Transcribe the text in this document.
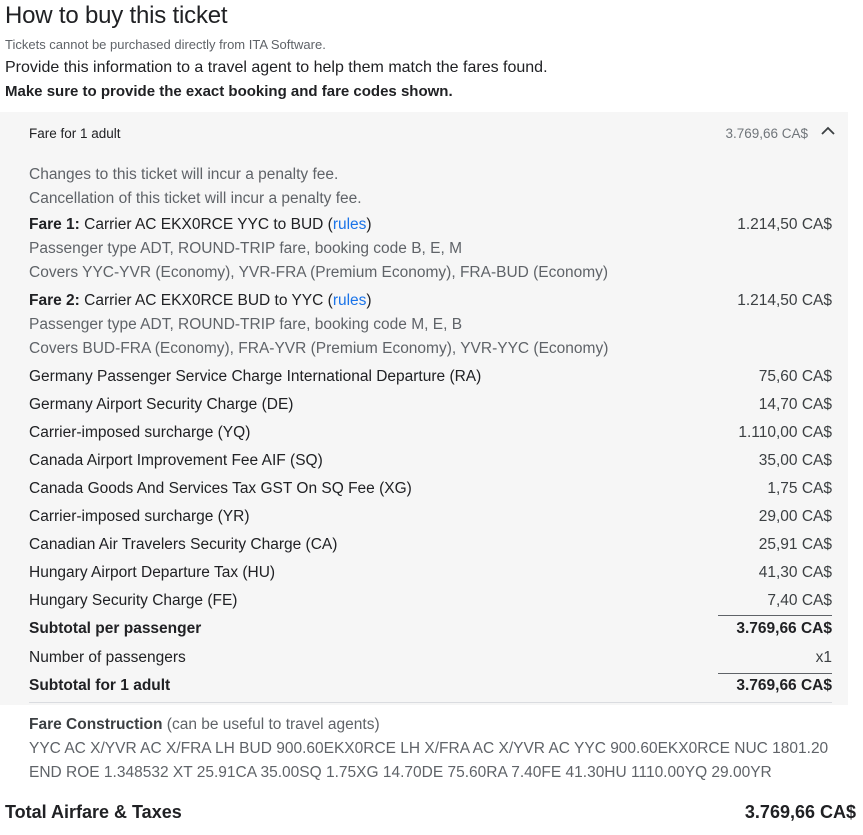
How to buy this ticket
Tickets cannot be purchased directly from ITA Software.
Provide this information to a travel agent to help them match the fares found.
Make sure to provide the exact booking and fare codes shown.
Fare for 1 adult	3.769,66 CA$
Changes to this ticket will incur a penalty fee.
Cancellation of this ticket will incur a penalty fee.
Fare 1: Carrier AC EKX0RCE YYC to BUD (rules)	1.214,50 CA$
Passenger type ADT, ROUND-TRIP fare, booking code B, E, M
Covers YYC-YVR (Economy), YVR-FRA (Premium Economy), FRA-BUD (Economy)
Fare 2: Carrier AC EKX0RCE BUD to YYC (rules)	1.214,50 CA$
Passenger type ADT, ROUND-TRIP fare, booking code M, E, B
Covers BUD-FRA (Economy), FRA-YVR (Premium Economy), YVR-YYC (Economy)
Germany Passenger Service Charge International Departure (RA)	75,60 CA$
Germany Airport Security Charge (DE)	14,70 CA$
Carrier-imposed surcharge (YQ)	1.110,00 CA$
Canada Airport Improvement Fee AIF (SQ)	35,00 CA$
Canada Goods And Services Tax GST On SQ Fee (XG)	1,75 CA$
Carrier-imposed surcharge (YR)	29,00 CA$
Canadian Air Travelers Security Charge (CA)	25,91 CA$
Hungary Airport Departure Tax (HU)	41,30 CA$
Hungary Security Charge (FE)	7,40 CA$
Subtotal per passenger	3.769,66 CA$
Number of passengers	x1
Subtotal for 1 adult	3.769,66 CA$
Fare Construction (can be useful to travel agents)
YYC AC X/YVR AC X/FRA LH BUD 900.60EKX0RCE LH X/FRA AC X/YVR AC YYC 900.60EKX0RCE NUC 1801.20
END ROE 1.348532 XT 25.91CA 35.00SQ 1.75XG 14.70DE 75.60RA 7.40FE 41.30HU 1110.00YQ 29.00YR
Total Airfare & Taxes	3.769,66 CA$
